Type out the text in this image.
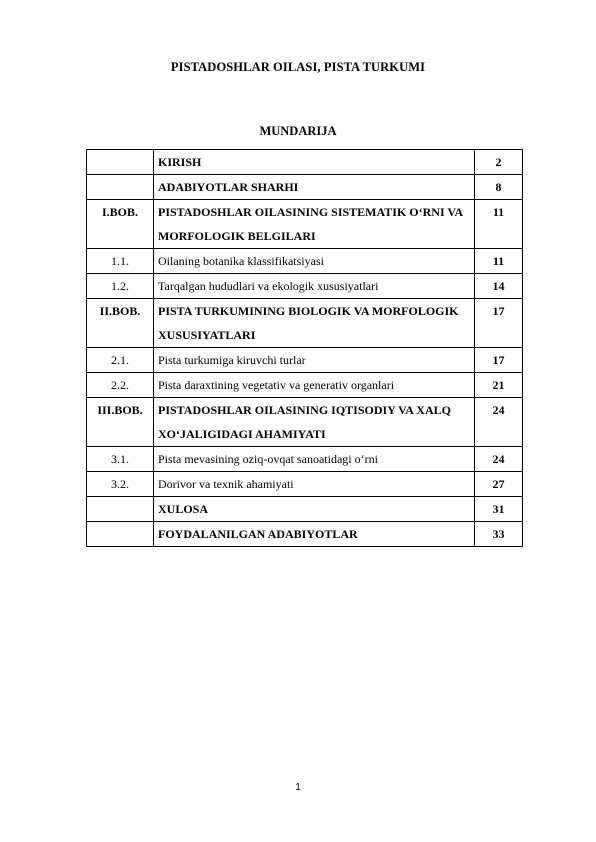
PISTADOSHLAR OILASI, PISTA TURKUMI
MUNDARIJA
	KIRISH	2
	ADABIYOTLAR SHARHI	8
I.BOB.	PISTADOSHLAR OILASINING SISTEMATIK O‘RNI VA MORFOLOGIK BELGILARI	11
1.1.	Oilaning botanika klassifikatsiyasi	11
1.2.	Tarqalgan hududlari va ekologik xususiyatlari	14
II.BOB.	PISTA TURKUMINING BIOLOGIK VA MORFOLOGIK XUSUSIYATLARI	17
2.1.	Pista turkumiga kiruvchi turlar	17
2.2.	Pista daraxtining vegetativ va generativ organlari	21
III.BOB.	PISTADOSHLAR OILASINING IQTISODIY VA XALQ XO‘JALIGIDAGI AHAMIYATI	24
3.1.	Pista mevasining oziq-ovqat sanoatidagi o‘rni	24
3.2.	Dorivor va texnik ahamiyati	27
	XULOSA	31
	FOYDALANILGAN ADABIYOTLAR	33
1
